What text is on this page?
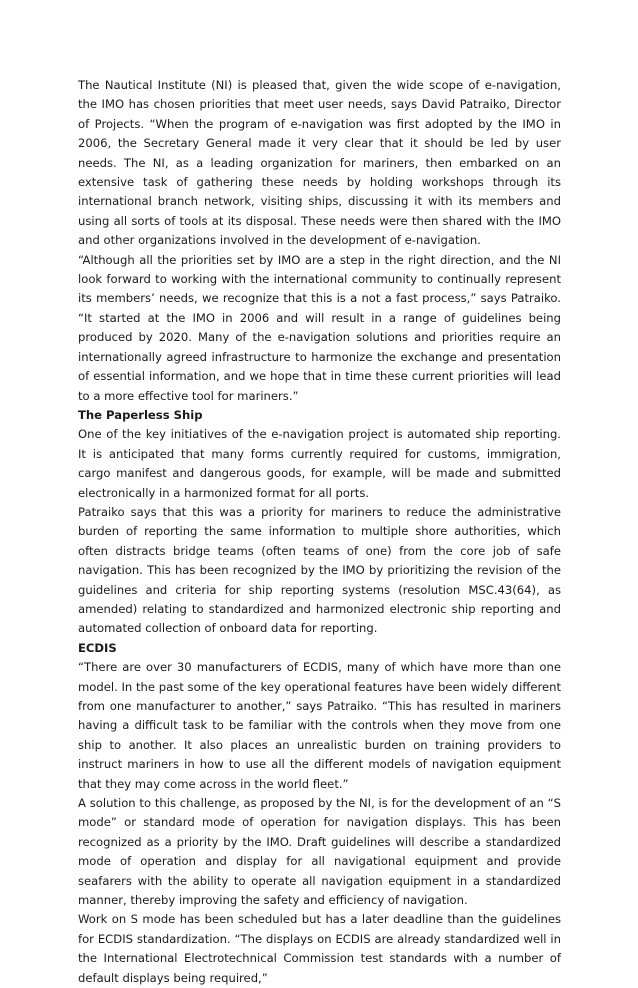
The Nautical Institute (NI) is pleased that, given the wide scope of e-navigation, the IMO has chosen priorities that meet user needs, says David Patraiko, Director of Projects. “When the program of e-navigation was first adopted by the IMO in 2006, the Secretary General made it very clear that it should be led by user needs. The NI, as a leading organization for mariners, then embarked on an extensive task of gathering these needs by holding workshops through its international branch network, visiting ships, discussing it with its members and using all sorts of tools at its disposal. These needs were then shared with the IMO and other organizations involved in the development of e-navigation.

“Although all the priorities set by IMO are a step in the right direction, and the NI look forward to working with the international community to continually represent its members’ needs, we recognize that this is a not a fast process,” says Patraiko. “It started at the IMO in 2006 and will result in a range of guidelines being produced by 2020. Many of the e-navigation solutions and priorities require an internationally agreed infrastructure to harmonize the exchange and presentation of essential information, and we hope that in time these current priorities will lead to a more effective tool for mariners.”

The Paperless Ship

One of the key initiatives of the e-navigation project is automated ship reporting. It is anticipated that many forms currently required for customs, immigration, cargo manifest and dangerous goods, for example, will be made and submitted electronically in a harmonized format for all ports.

Patraiko says that this was a priority for mariners to reduce the administrative burden of reporting the same information to multiple shore authorities, which often distracts bridge teams (often teams of one) from the core job of safe navigation. This has been recognized by the IMO by prioritizing the revision of the guidelines and criteria for ship reporting systems (resolution MSC.43(64), as amended) relating to standardized and harmonized electronic ship reporting and automated collection of onboard data for reporting.

ECDIS

“There are over 30 manufacturers of ECDIS, many of which have more than one model. In the past some of the key operational features have been widely different from one manufacturer to another,” says Patraiko. “This has resulted in mariners having a difficult task to be familiar with the controls when they move from one ship to another. It also places an unrealistic burden on training providers to instruct mariners in how to use all the different models of navigation equipment that they may come across in the world fleet.”

A solution to this challenge, as proposed by the NI, is for the development of an “S mode” or standard mode of operation for navigation displays. This has been recognized as a priority by the IMO. Draft guidelines will describe a standardized mode of operation and display for all navigational equipment and provide seafarers with the ability to operate all navigation equipment in a standardized manner, thereby improving the safety and efficiency of navigation.

Work on S mode has been scheduled but has a later deadline than the guidelines for ECDIS standardization. “The displays on ECDIS are already standardized well in the International Electrotechnical Commission test standards with a number of default displays being required,”
